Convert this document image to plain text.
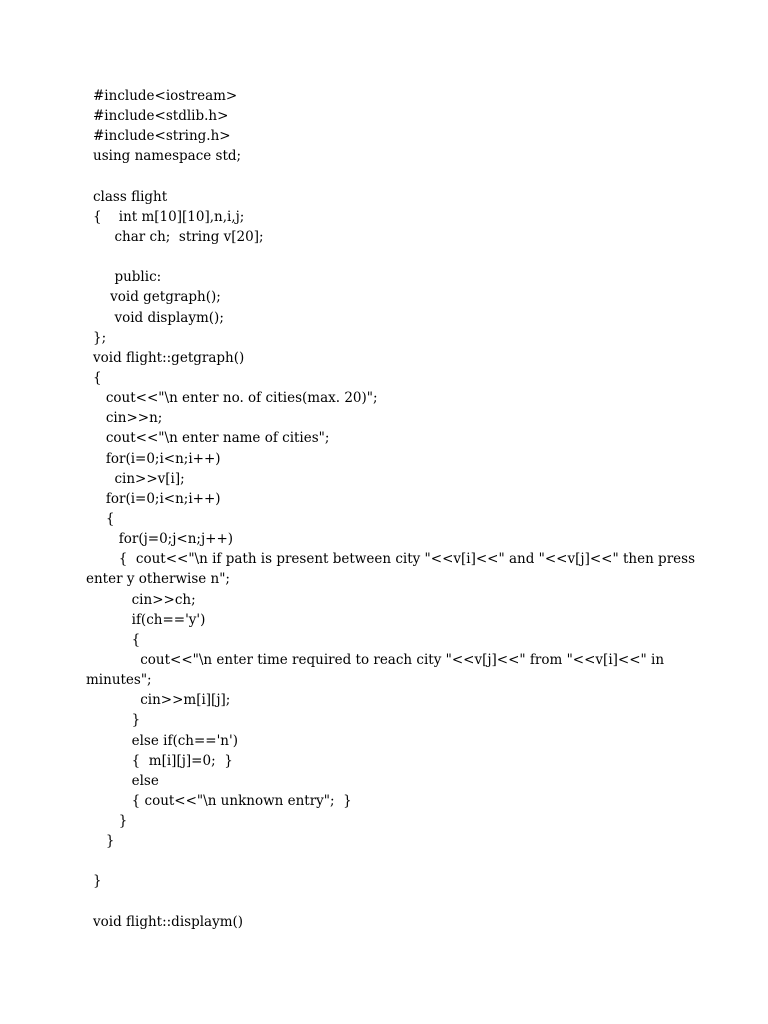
#include<iostream>
#include<stdlib.h>
#include<string.h>
using namespace std;
class flight
{    int m[10][10],n,i,j;
char ch;  string v[20];
public:
void getgraph();
void displaym();
};
void flight::getgraph()
{
cout<<"\n enter no. of cities(max. 20)";
cin>>n;
cout<<"\n enter name of cities";
for(i=0;i<n;i++)
cin>>v[i];
for(i=0;i<n;i++)
{
for(j=0;j<n;j++)
{  cout<<"\n if path is present between city "<<v[i]<<" and "<<v[j]<<" then press
enter y otherwise n";
cin>>ch;
if(ch=='y')
{
cout<<"\n enter time required to reach city "<<v[j]<<" from "<<v[i]<<" in
minutes";
cin>>m[i][j];
}
else if(ch=='n')
{  m[i][j]=0;  }
else
{ cout<<"\n unknown entry";  }
}
}
}
void flight::displaym()
